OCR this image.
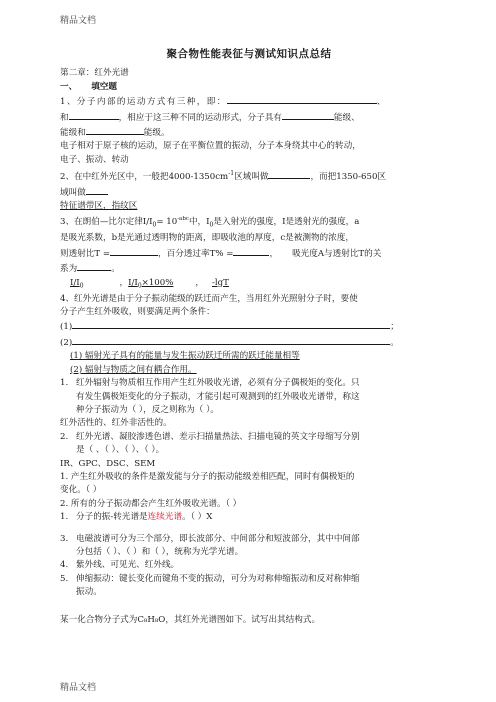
精品文档
聚合物性能表征与测试知识点总结

第二章：红外光谱

一、 填空题

1、分子内部的运动方式有三种，即：	、

和	，相应于这三种不同的运动形式，分子具有	能级、

能级和	能级。

电子相对于原子核的运动，原子在平衡位置的振动，分子本身绕其中心的转动，

电子、振动、转动

2、在中红外光区中，一般把$4000-1350cm^{-1}$区域叫做	，而把1350-650区

域叫做

特征谱带区，指纹区

3、在朗伯—比尔定律$I/I_0= 10^{-abc}$中，$I_0$是入射光的强度，I是透射光的强度，a

是吸光系数，b是光通过透明物的距离，即吸收池的厚度，c是被测物的浓度，

则透射比T =	，百分透过率T% =	， 吸光度A与透射比T的关

系为	。

$I/I_0$	，$I/I_0\times 100\%$	， -lgT

4、红外光谱是由于分子振动能级的跃迁而产生，当用红外光照射分子时，要使

分子产生红外吸收，则要满足两个条件：

(1)	；

(2)	。

(1) 辐射光子具有的能量与发生振动跃迁所需的跃迁能量相等

(2) 辐射与物质之间有耦合作用。

1. 红外辐射与物质相互作用产生红外吸收光谱，必须有分子偶极矩的变化。只

有发生偶极矩变化的分子振动，才能引起可观测到的红外吸收光谱带，称这

种分子振动为（ ），反之则称为（ ）。

红外活性的、红外非活性的。

2. 红外光谱、凝胶渗透色谱、差示扫描量热法、扫描电镜的英文字母缩写分别

是（ 、（ ）、（ ）、（ ）。

IR、GPC、DSC、SEM

1. 产生红外吸收的条件是激发能与分子的振动能级差相匹配，同时有偶极矩的

变化。（ ）

2. 所有的分子振动都会产生红外吸收光谱。（ ）

1. 分子的振-转光谱是连续光谱。（ ）X
3. 电磁波谱可分为三个部分，即长波部分、中间部分和短波部分，其中中间部

分包括（ ）、（ ）和（ ），统称为光学光谱。

4. 紫外线、可见光、红外线。

5. 伸缩振动：键长变化而键角不变的振动，可分为对称伸缩振动和反对称伸缩

振动。

某一化合物分子式为C₈H₈O，其红外光谱图如下。试写出其结构式。

精品文档
